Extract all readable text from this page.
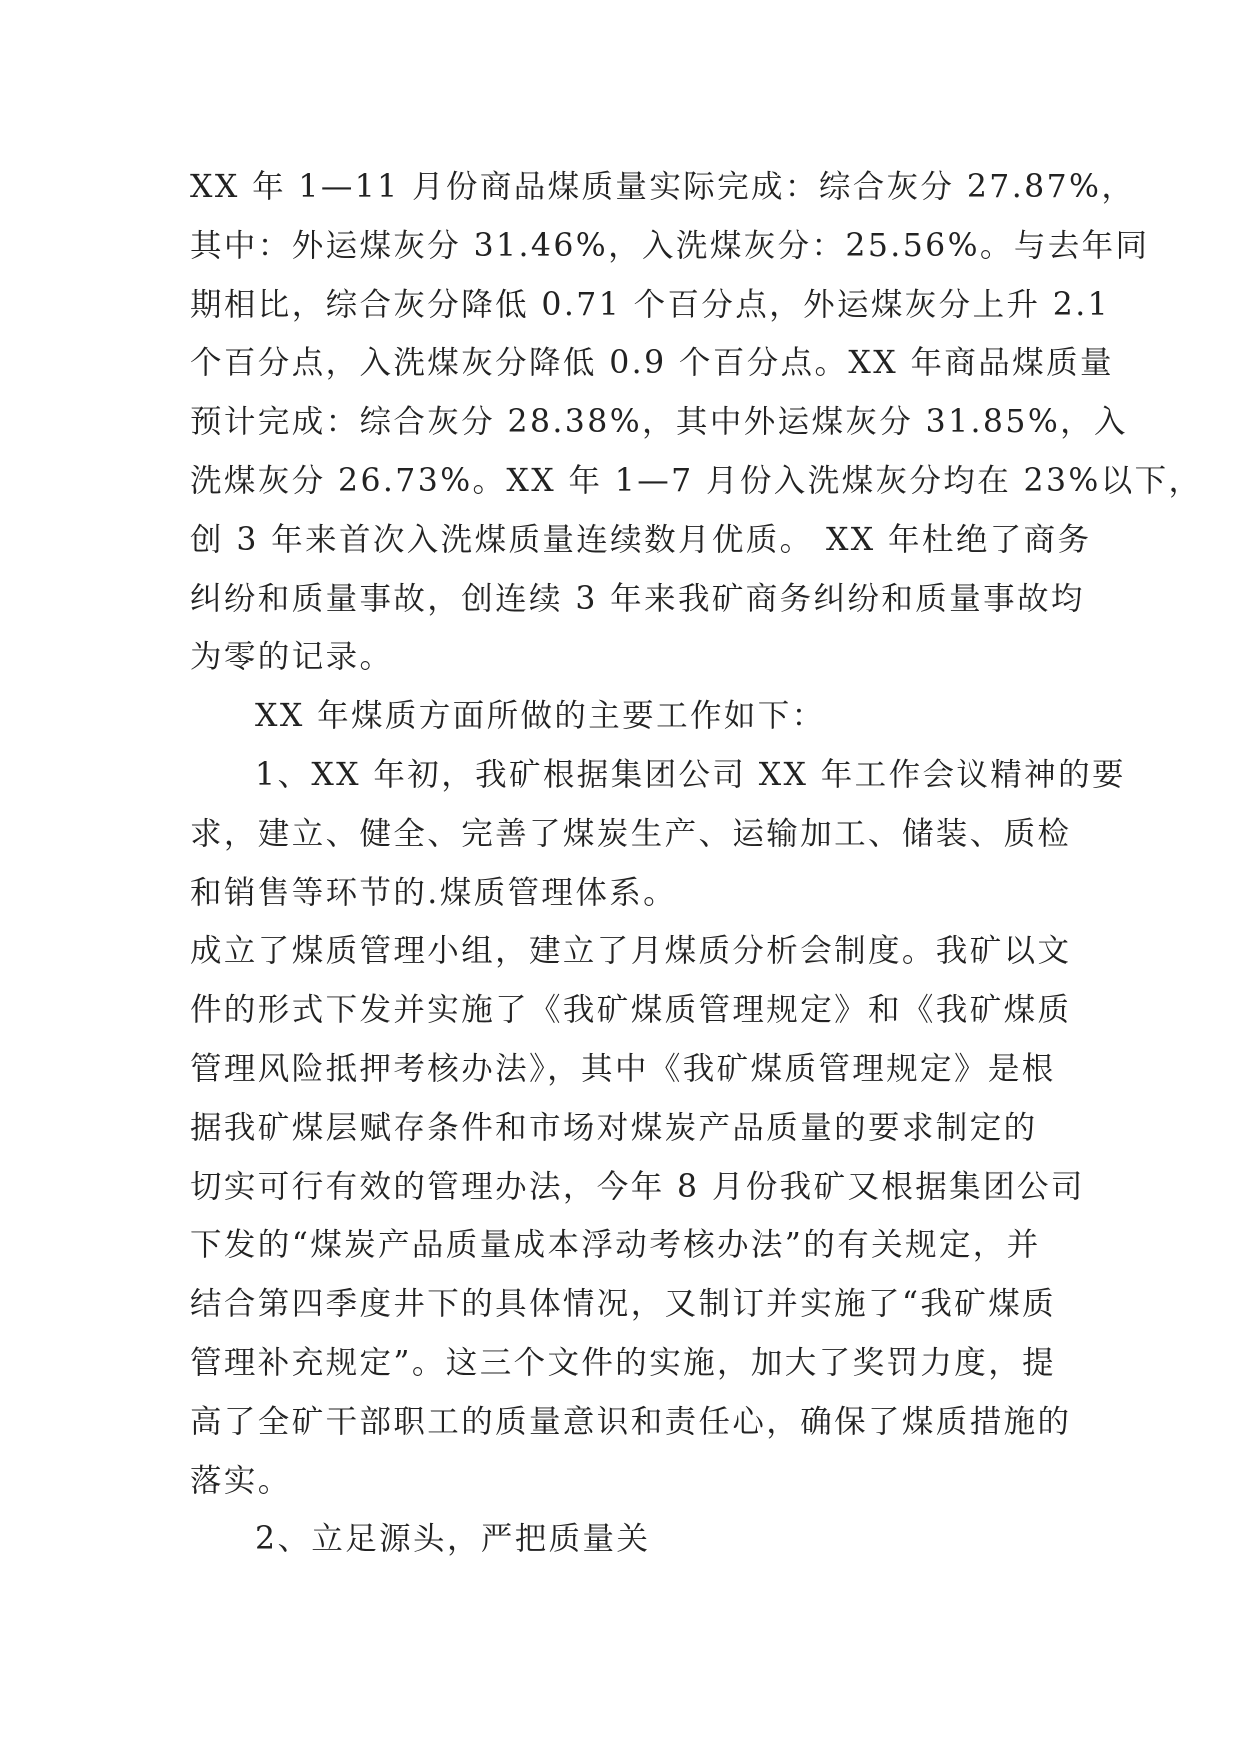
XX 年 1—11 月份商品煤质量实际完成：综合灰分 27.87%，
其中：外运煤灰分 31.46%，入洗煤灰分：25.56%。与去年同
期相比，综合灰分降低 0.71 个百分点，外运煤灰分上升 2.1
个百分点，入洗煤灰分降低 0.9 个百分点。XX 年商品煤质量
预计完成：综合灰分 28.38%，其中外运煤灰分 31.85%，入
洗煤灰分 26.73%。XX 年 1—7 月份入洗煤灰分均在 23%以下，
创 3 年来首次入洗煤质量连续数月优质。 XX 年杜绝了商务
纠纷和质量事故，创连续 3 年来我矿商务纠纷和质量事故均
为零的记录。
XX 年煤质方面所做的主要工作如下：
1、XX 年初，我矿根据集团公司 XX 年工作会议精神的要
求，建立、健全、完善了煤炭生产、运输加工、储装、质检
和销售等环节的.煤质管理体系。
成立了煤质管理小组，建立了月煤质分析会制度。我矿以文
件的形式下发并实施了《我矿煤质管理规定》和《我矿煤质
管理风险抵押考核办法》，其中《我矿煤质管理规定》是根
据我矿煤层赋存条件和市场对煤炭产品质量的要求制定的
切实可行有效的管理办法，今年 8 月份我矿又根据集团公司
下发的“煤炭产品质量成本浮动考核办法”的有关规定，并
结合第四季度井下的具体情况，又制订并实施了“我矿煤质
管理补充规定”。这三个文件的实施，加大了奖罚力度，提
高了全矿干部职工的质量意识和责任心，确保了煤质措施的
落实。
2、立足源头，严把质量关
